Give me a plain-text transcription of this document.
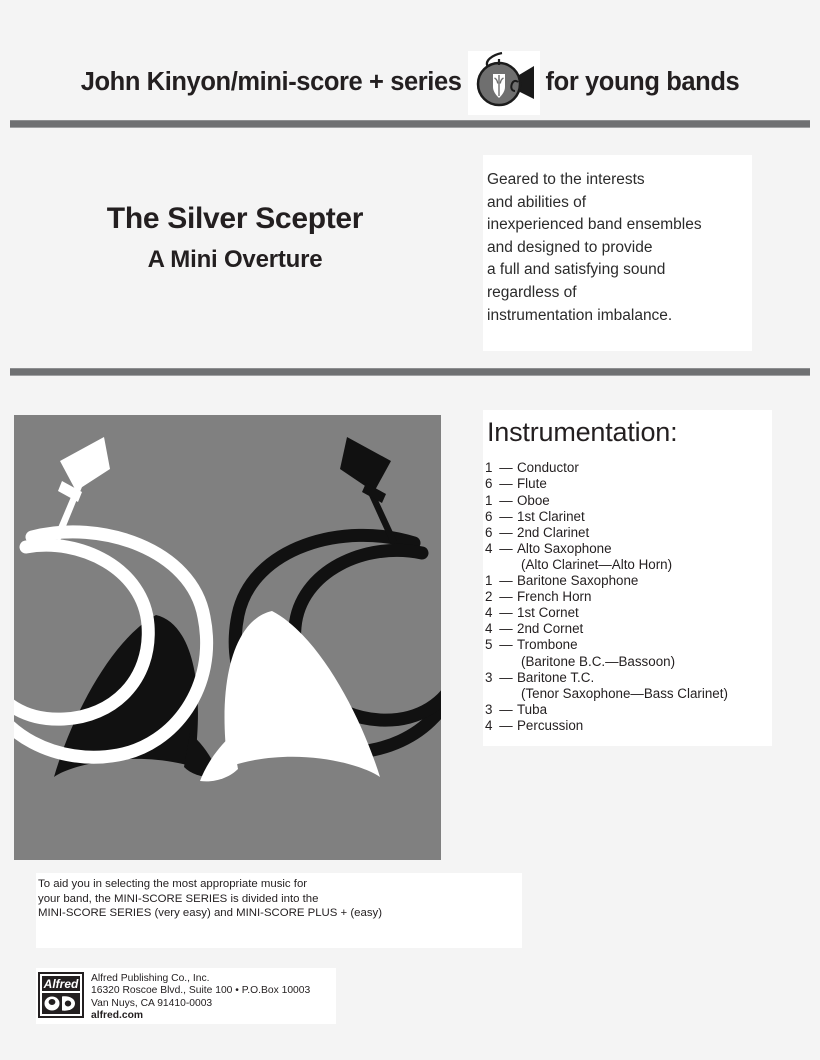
John Kinyon/mini-score + series	for young bands
The Silver Scepter
A Mini Overture
Geared to the interests
and abilities of
inexperienced band ensembles
and designed to provide
a full and satisfying sound
regardless of
instrumentation imbalance.
Instrumentation:
1 — Conductor
6 — Flute
1 — Oboe
6 — 1st Clarinet
6 — 2nd Clarinet
4 — Alto Saxophone
(Alto Clarinet—Alto Horn)
1 — Baritone Saxophone
2 — French Horn
4 — 1st Cornet
4 — 2nd Cornet
5 — Trombone
(Baritone B.C.—Bassoon)
3 — Baritone T.C.
(Tenor Saxophone—Bass Clarinet)
3 — Tuba
4 — Percussion
To aid you in selecting the most appropriate music for
your band, the MINI-SCORE SERIES is divided into the
MINI-SCORE SERIES (very easy) and MINI-SCORE PLUS + (easy)
Alfred Alfred Publishing Co., Inc.
16320 Roscoe Blvd., Suite 100 • P.O.Box 10003
Van Nuys, CA 91410-0003
alfred.com
